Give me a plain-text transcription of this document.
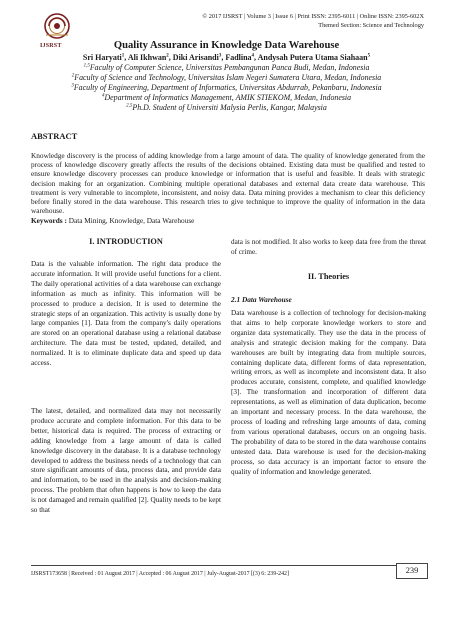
IJSRST
© 2017 IJSRST | Volume 3 | Issue 6 | Print ISSN: 2395-6011 | Online ISSN: 2395-602X
Themed Section: Science and Technology
Quality Assurance in Knowledge Data Warehouse
Sri Haryati$^1$, Ali Ikhwan$^2$, Diki Arisandi$^3$, Fadlina$^4$, Andysah Putera Utama Siahaan$^5$
$^{1,5}$Faculty of Computer Science, Universitas Pembangunan Panca Budi, Medan, Indonesia
$^2$Faculty of Science and Technology, Universitas Islam Negeri Sumatera Utara, Medan, Indonesia
$^3$Faculty of Engineering, Department of Informatics, Universitas Abdurrab, Pekanbaru, Indonesia
$^4$Department of Informatics Management, AMIK STIEKOM, Medan, Indonesia
$^{2,5}$Ph.D. Student of Universiti Malysia Perlis, Kangar, Malaysia
ABSTRACT
Knowledge discovery is the process of adding knowledge from a large amount of data. The quality of knowledge generated from the process of knowledge discovery greatly affects the results of the decisions obtained. Existing data must be qualified and tested to ensure knowledge discovery processes can produce knowledge or information that is useful and feasible. It deals with strategic decision making for an organization. Combining multiple operational databases and external data create data warehouse. This treatment is very vulnerable to incomplete, inconsistent, and noisy data. Data mining provides a mechanism to clear this deficiency before finally stored in the data warehouse. This research tries to give technique to improve the quality of information in the data warehouse.
Keywords : Data Mining, Knowledge, Data Warehouse
I. INTRODUCTION
Data is the valuable information. The right data produce the accurate information. It will provide useful functions for a client. The daily operational activities of a data warehouse can exchange information as much as infinity. This information will be processed to produce a decision. It is used to determine the strategic steps of an organization. This activity is usually done by large companies [1]. Data from the company's daily operations are stored on an operational database using a relational database architecture. The data must be tested, updated, detailed, and normalized. It is to eliminate duplicate data and speed up data access.
The latest, detailed, and normalized data may not necessarily produce accurate and complete information. For this data to be better, historical data is required. The process of extracting or adding knowledge from a large amount of data is called knowledge discovery in the database. It is a database technology developed to address the business needs of a technology that can store significant amounts of data, process data, and provide data and information, to be used in the analysis and decision-making process. The problem that often happens is how to keep the data is not damaged and remain qualified [2]. Quality needs to be kept so that
data is not modified. It also works to keep data free from the threat of crime.
II. Theories
2.1 Data Warehouse
Data warehouse is a collection of technology for decision-making that aims to help corporate knowledge workers to store and organize data systematically. They use the data in the process of analysis and strategic decision making for the company. Data warehouses are built by integrating data from multiple sources, containing duplicate data, different forms of data representation, writing errors, as well as incomplete and inconsistent data. It also produces accurate, consistent, complete, and qualified knowledge [3]. The transformation and incorporation of different data representations, as well as elimination of data duplication, become an important and necessary process. In the data warehouse, the process of loading and refreshing large amounts of data, coming from various operational databases, occurs on an ongoing basis. The probability of data to be stored in the data warehouse contains untested data. Data warehouse is used for the decision-making process, so data accuracy is an important factor to ensure the quality of information and knowledge generated.
IJSRST173658 | Received : 01 August 2017 | Accepted : 06 August 2017 | July-August-2017 [(3) 6: 239-242]	239
